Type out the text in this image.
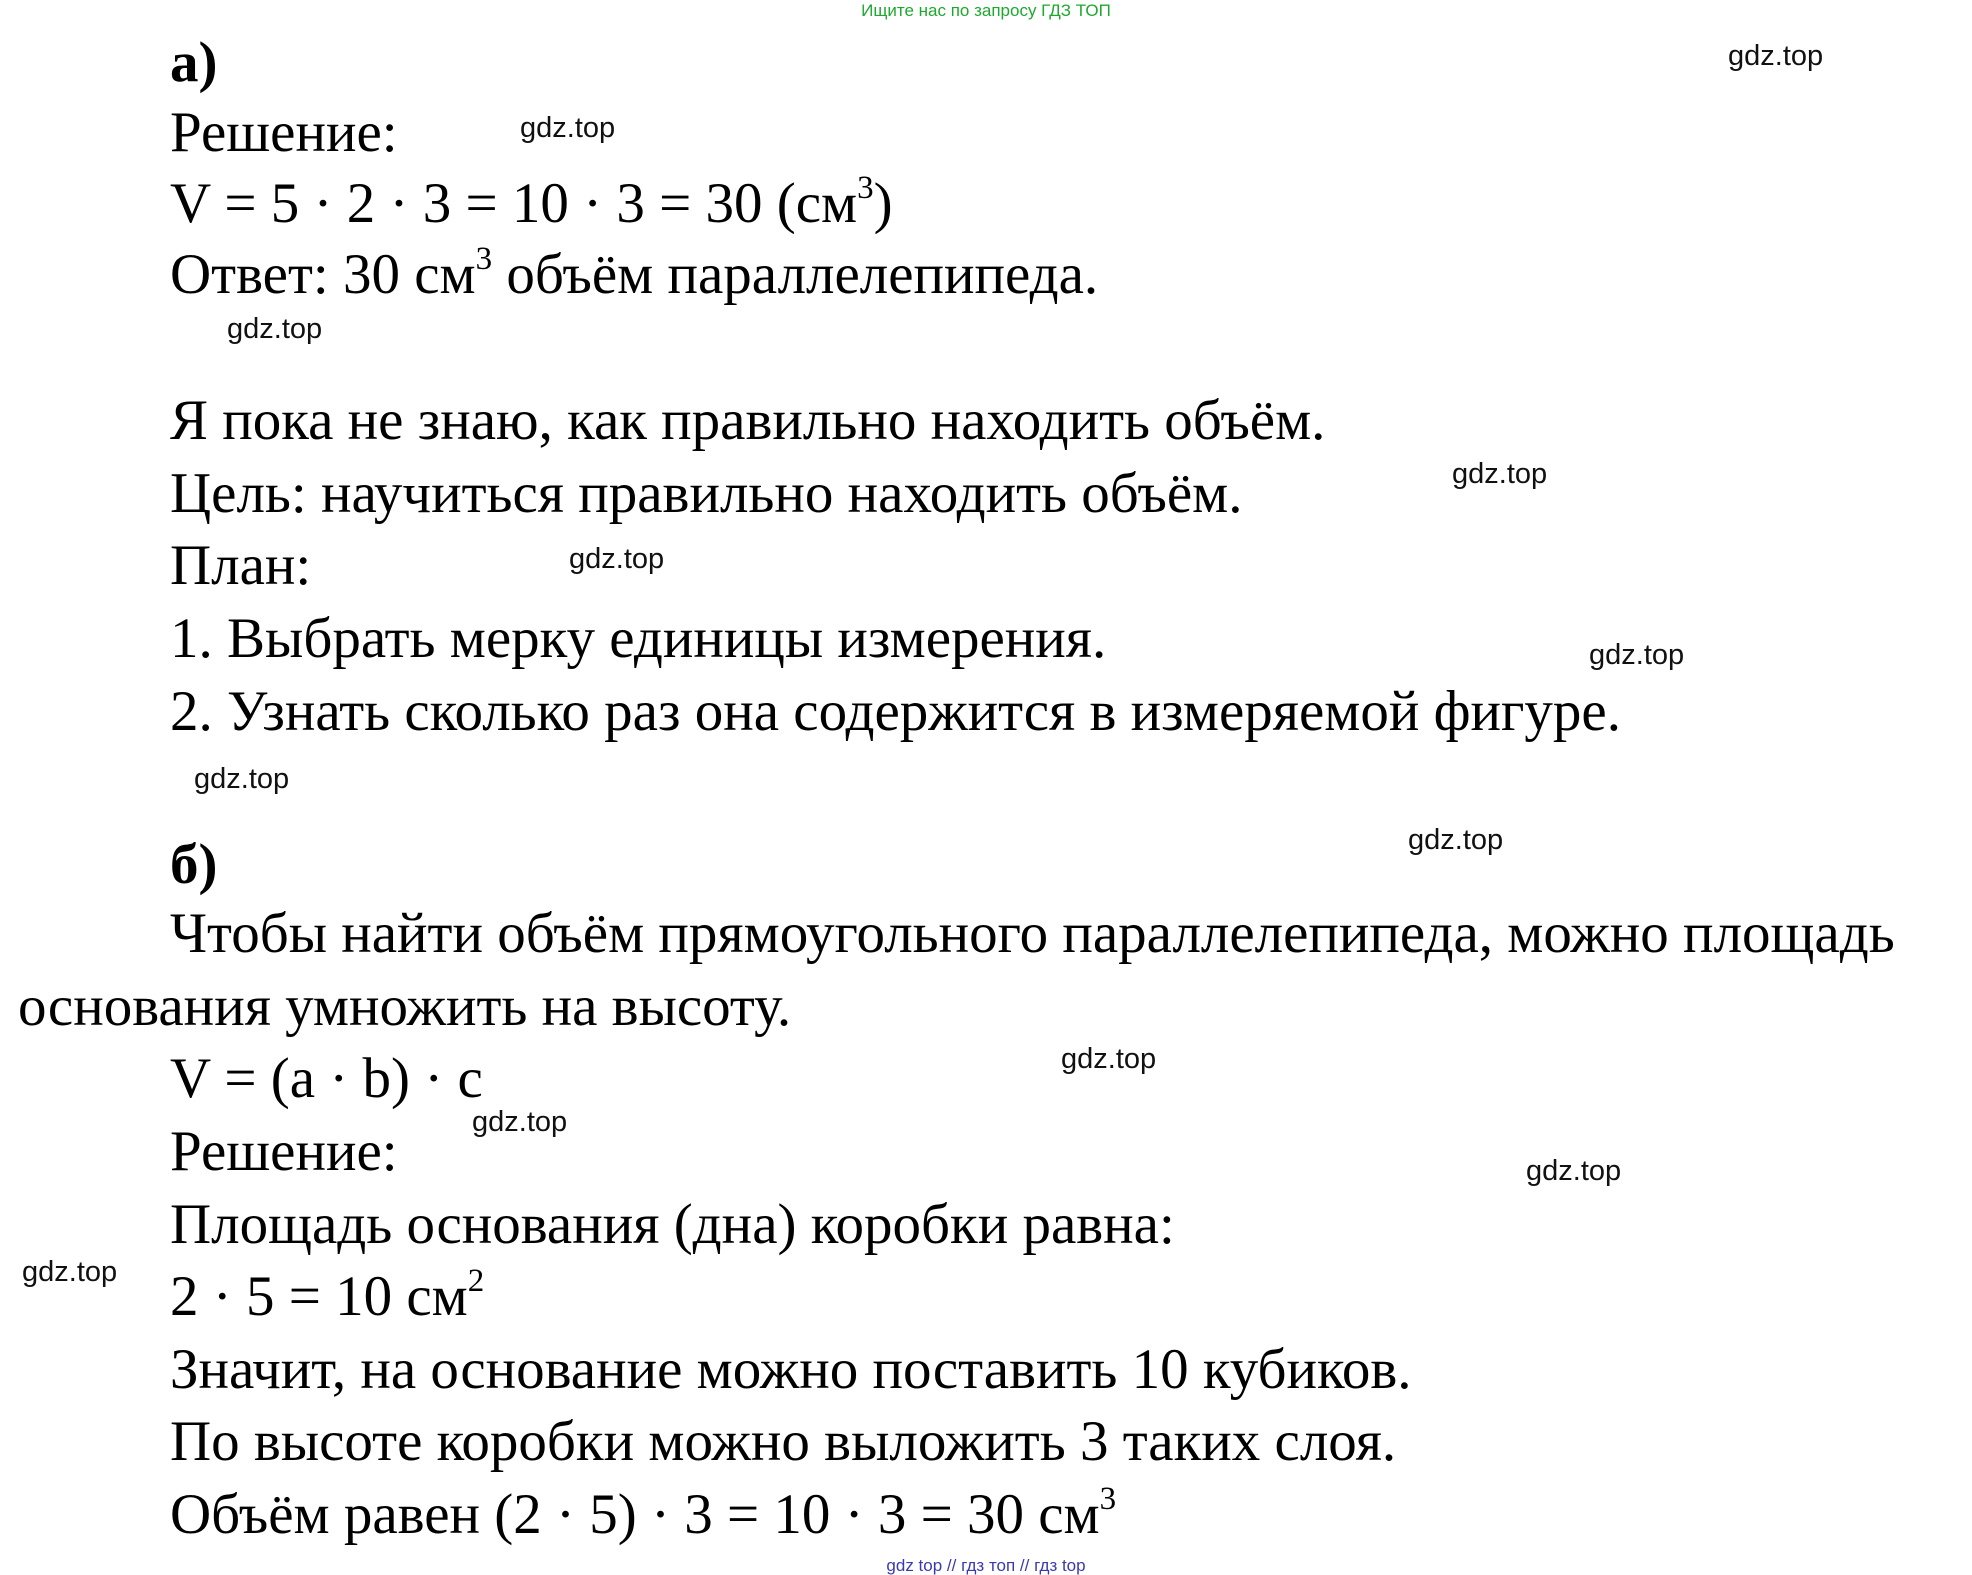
Ищите нас по запросу ГДЗ ТОП
а)
Решение:
V = 5 · 2 · 3 = 10 · 3 = 30 $(см^3)$
Ответ: 30 $см^3$ объём параллелепипеда.
Я пока не знаю, как правильно находить объём.
Цель: научиться правильно находить объём.
План:
1. Выбрать мерку единицы измерения.
2. Узнать сколько раз она содержится в измеряемой фигуре.
б)
Чтобы найти объём прямоугольного параллелепипеда, можно площадь
основания умножить на высоту.
V = (a · b) · c
Решение:
Площадь основания (дна) коробки равна:
2 · 5 = 10 $см^2$
Значит, на основание можно поставить 10 кубиков.
По высоте коробки можно выложить 3 таких слоя.
Объём равен (2 · 5) · 3 = 10 · 3 = 30 $см^3$
gdz.top
gdz.top
gdz.top
gdz.top
gdz.top
gdz.top
gdz.top
gdz.top
gdz.top
gdz.top
gdz.top
gdz.top
gdz top // гдз топ // гдз top
